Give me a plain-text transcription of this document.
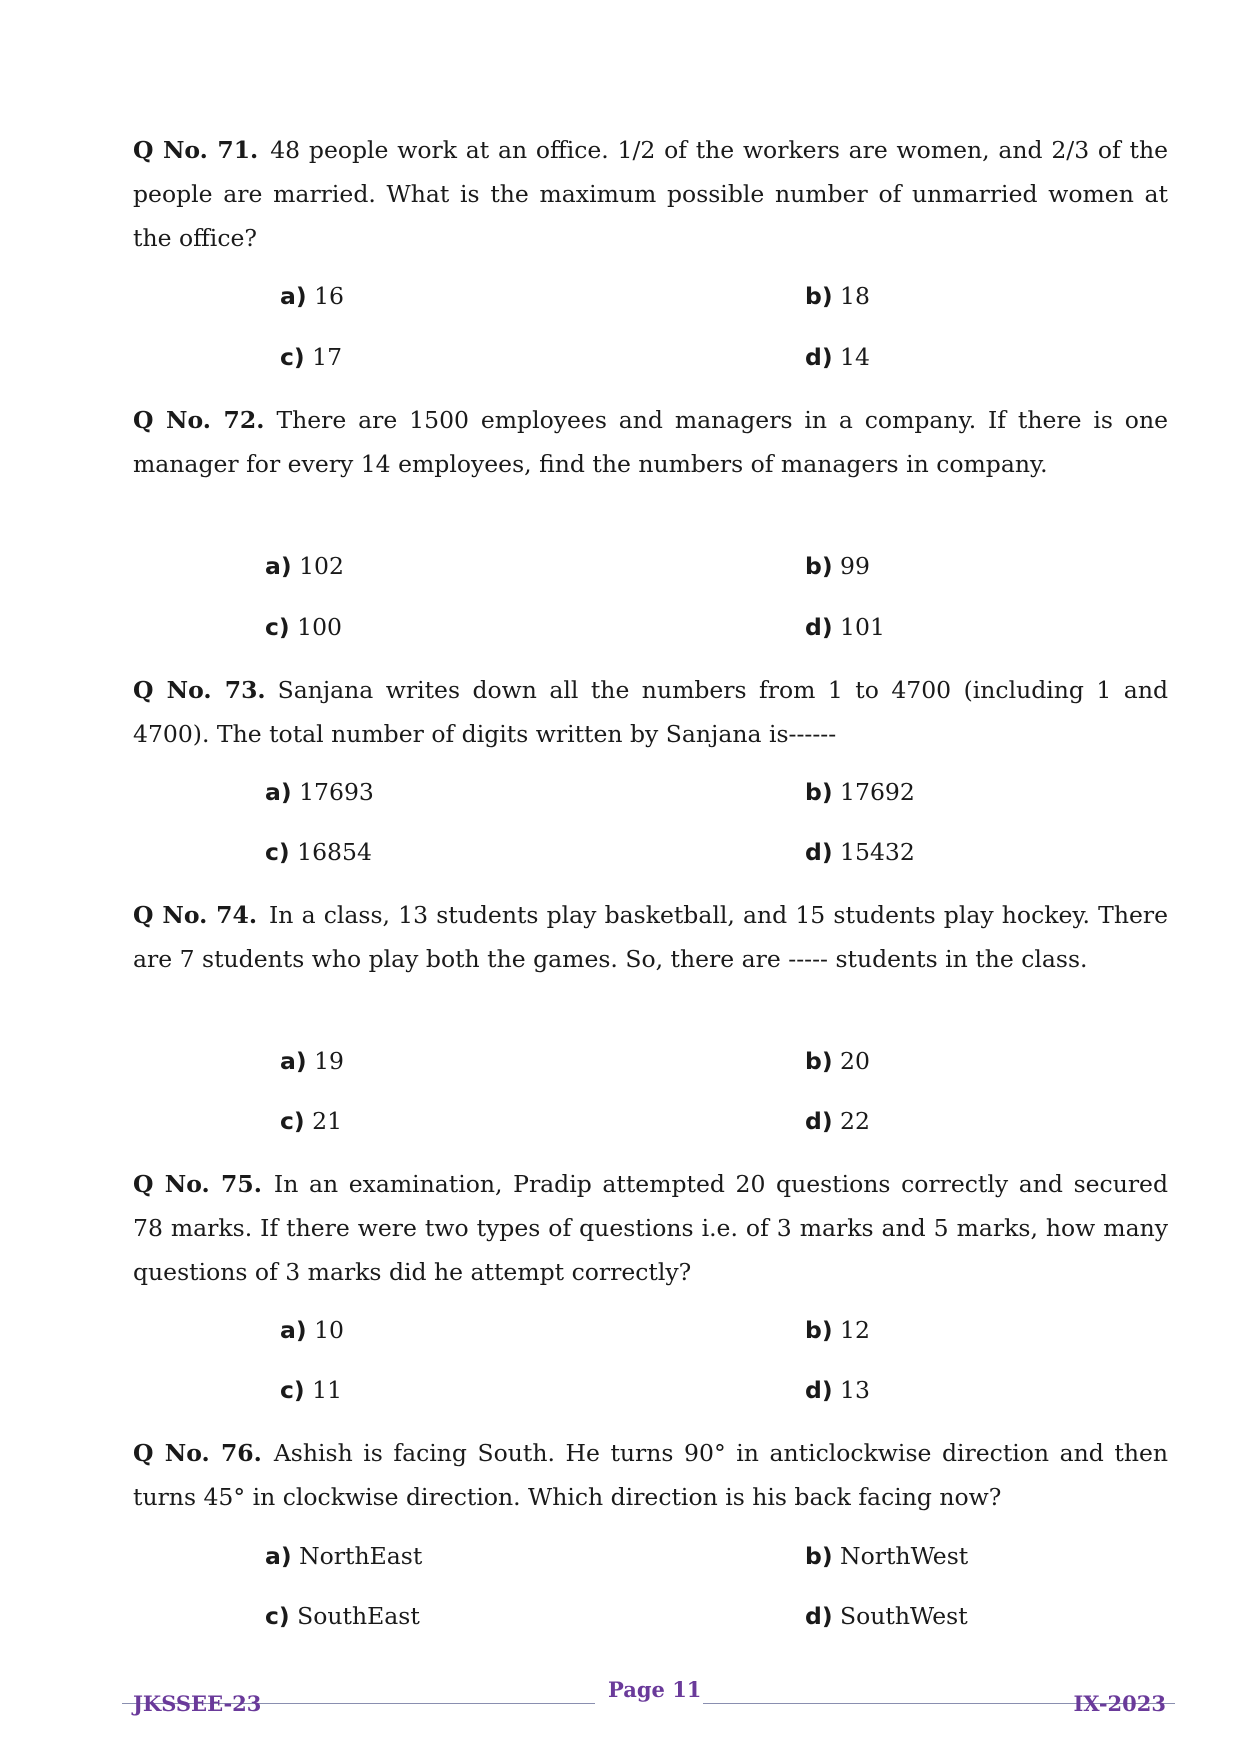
Q No. 71. 48 people work at an office. 1/2 of the workers are women, and 2/3 of the people are married. What is the maximum possible number of unmarried women at the office?
a) 16	b) 18
c) 17	d) 14
Q No. 72. There are 1500 employees and managers in a company. If there is one manager for every 14 employees, find the numbers of managers in company.
a) 102	b) 99
c) 100	d) 101
Q No. 73. Sanjana writes down all the numbers from 1 to 4700 (including 1 and 4700). The total number of digits written by Sanjana is------
a) 17693	b) 17692
c) 16854	d) 15432
Q No. 74. In a class, 13 students play basketball, and 15 students play hockey. There are 7 students who play both the games. So, there are ----- students in the class.
a) 19	b) 20
c) 21	d) 22
Q No. 75. In an examination, Pradip attempted 20 questions correctly and secured 78 marks. If there were two types of questions i.e. of 3 marks and 5 marks, how many questions of 3 marks did he attempt correctly?
a) 10	b) 12
c) 11	d) 13
Q No. 76. Ashish is facing South. He turns 90° in anticlockwise direction and then turns 45° in clockwise direction. Which direction is his back facing now?
a) NorthEast	b) NorthWest
c) SouthEast	d) SouthWest
JKSSEE-23
Page 11
IX-2023
